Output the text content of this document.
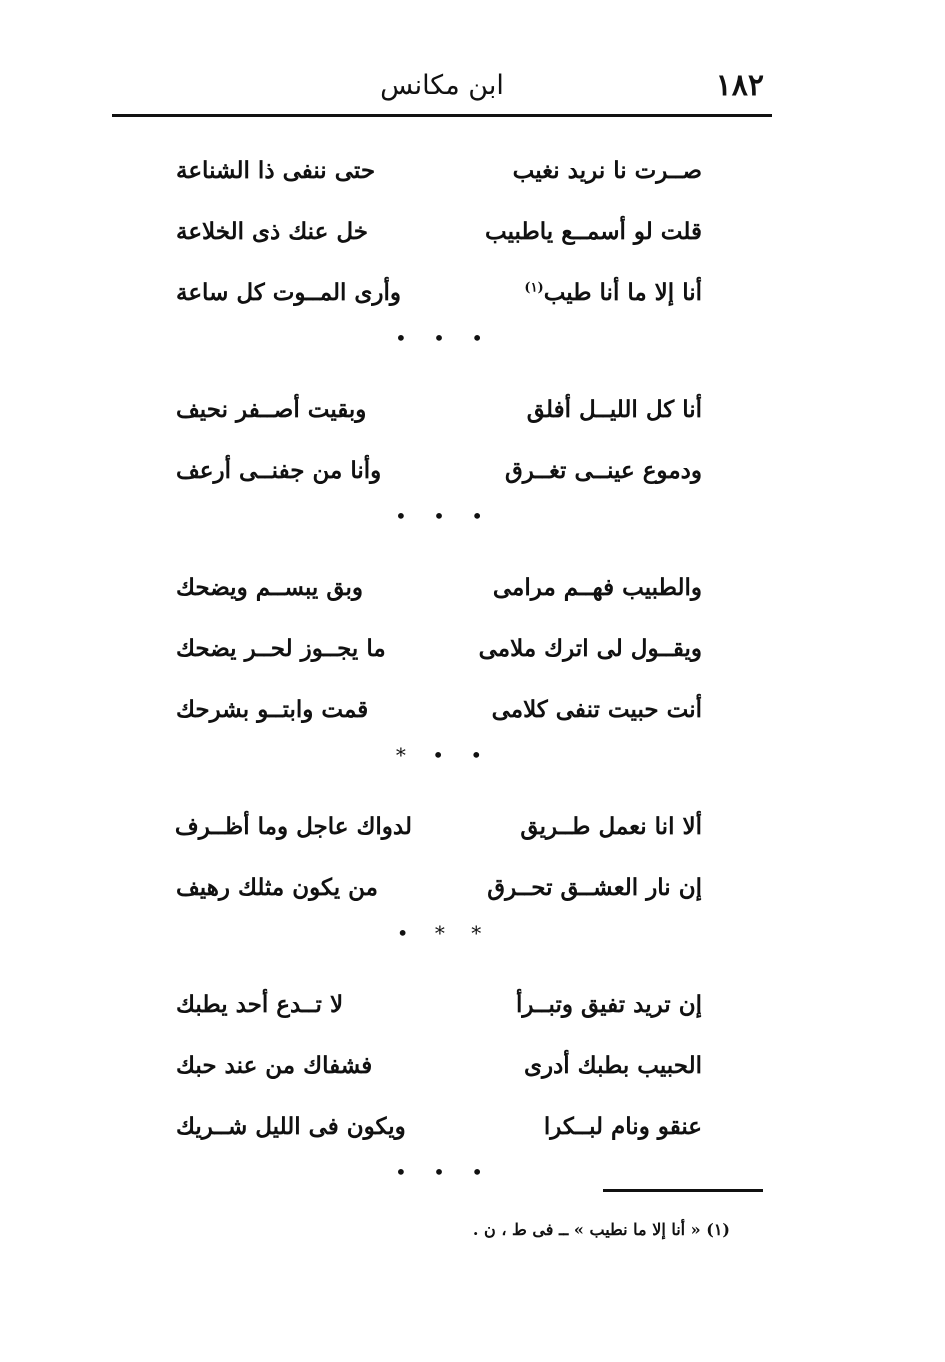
١٨٢
ابن مكانس
صــرت نا نريد نغيب
حتى ننفى ذا الشناعة
قلت لو أسمــع ياطبيب
خل عنك ذى الخلاعة
أنا إلا ما أنا طيب$^{(١)}$
وأرى المــوت كل ساعة
• • •
أنا كل الليــل أفلق
وبقيت أصــفر نحيف
ودموع عينــى تغــرق
وأنا من جفنــى أرعف
• • •
والطبيب فهــم مرامى
وبق يبســم ويضحك
ويقــول لى اترك ملامى
ما يجــوز لحــر يضحك
أنت حبيت تنفى كلامى
قمت وابتــو بشرحك
* • •
ألا انا نعمل طــريق
لدواك عاجل وما أظــرف
إن نار العشــق تحــرق
من يكون مثلك رهيف
• * *
إن تريد تفيق وتبــرأ
لا تــدع أحد يطبك
الحبيب بطبك أدرى
فشفاك من عند حبك
عنقو ونام لبــكرا
ويكون فى الليل شــريك
• • •
(١) « أنا إلا ما نطيب » ــ فى ط ، ن .
